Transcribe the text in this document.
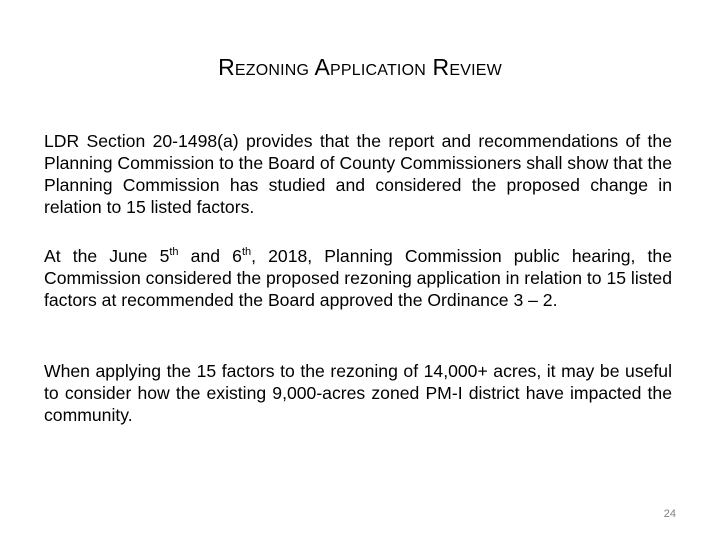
Rezoning Application Review
LDR Section 20-1498(a) provides that the report and recommendations of the Planning Commission to the Board of County Commissioners shall show that the Planning Commission has studied and considered the proposed change in relation to 15 listed factors.
At the June 5th and 6th, 2018, Planning Commission public hearing, the Commission considered the proposed rezoning application in relation to 15 listed factors at recommended the Board approved the Ordinance 3 – 2.
When applying the 15 factors to the rezoning of 14,000+ acres, it may be useful to consider how the existing 9,000-acres zoned PM-I district have impacted the community.
24
